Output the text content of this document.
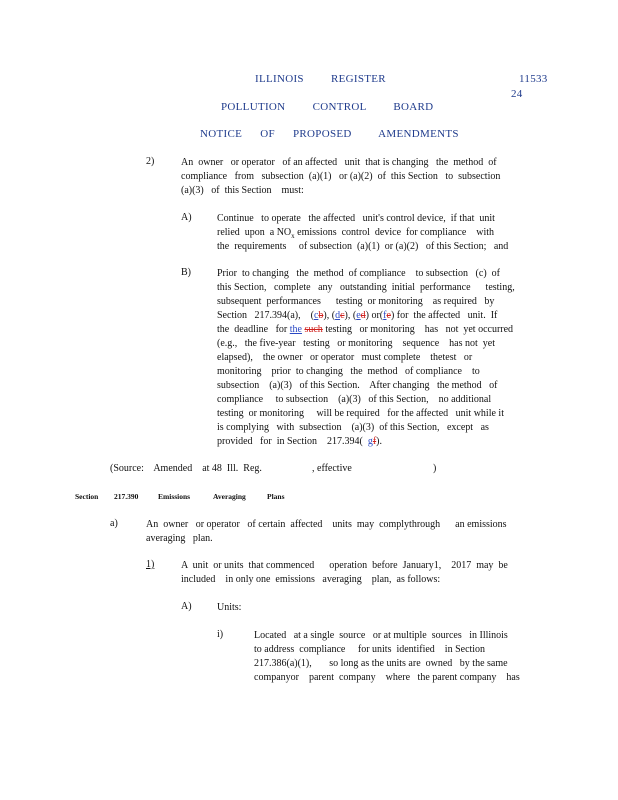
ILLINOIS   REGISTER	11533
24
POLLUTION   CONTROL   BOARD
NOTICE  OF  PROPOSED   AMENDMENTS
2)	An  owner   or operator   of an affected   unit  that is changing   the  method  of
compliance   from   subsection  (a)(1)   or (a)(2)  of  this Section   to  subsection
(a)(3)   of  this Section    must:
A)	Continue   to operate   the affected   unit's control device,  if that  unit
relied  upon  a $NO_x$ emissions  control  device  for compliance    with
the  requirements     of subsection  (a)(1)  or (a)(2)   of this Section;   and
B)	Prior  to changing   the  method  of compliance    to subsection   (c)  of
this Section,   complete   any   outstanding  initial  performance      testing,
subsequent  performances      testing  or monitoring    as required   by
Section   217.394(a),    (cb), (dc), (ed) or(fe) for  the affected   unit.  If
the  deadline   for the such testing   or monitoring    has   not  yet occurred
(e.g.,   the five-year   testing   or monitoring    sequence    has not  yet
elapsed),    the owner   or operator   must complete    thetest   or
monitoring    prior  to changing   the  method   of compliance    to
subsection    (a)(3)   of this Section.    After changing   the method   of
compliance     to subsection    (a)(3)   of this Section,    no additional
testing  or monitoring     will be required   for the affected   unit while it
is complying   with  subsection    (a)(3)  of this Section,   except   as
provided   for  in Section    217.394(  gf).
(Source:    Amended    at 48  Ill.  Reg.	, effective	)
Section 217.390	Emissions	Averaging	Plans
a)	An  owner   or operator   of certain  affected    units  may  complythrough      an emissions
averaging   plan.
1)	A  unit  or units  that commenced      operation  before  January1,    2017  may  be
included    in only one  emissions   averaging    plan,  as follows:
A)	Units:
i)	Located   at a single  source   or at multiple  sources   in Illinois
to address  compliance     for units  identified    in Section
217.386(a)(1),       so long as the units are  owned   by the same
companyor    parent  company    where   the parent company    has
